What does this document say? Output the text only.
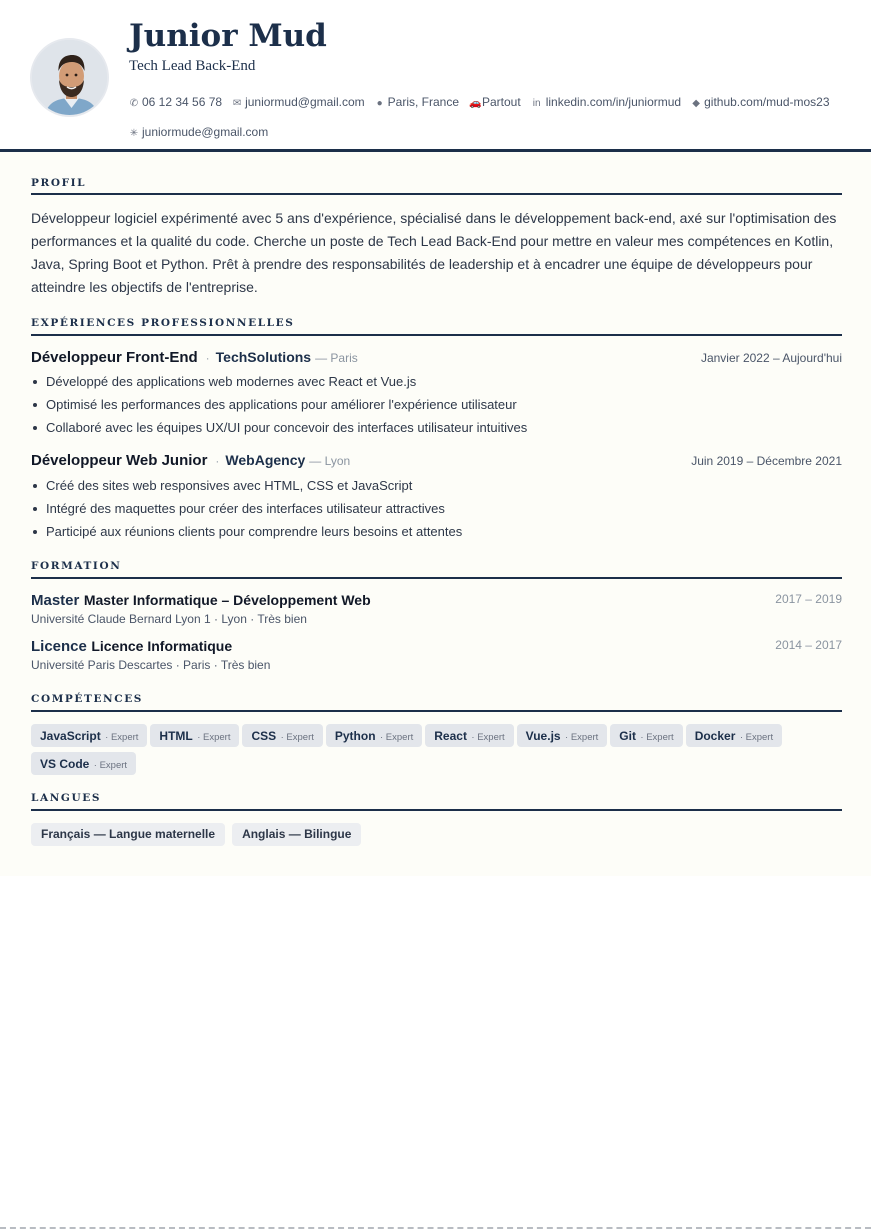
Junior Mud
Tech Lead Back-End
✆ 06 12 34 56 78 ✉ juniormud@gmail.com ● Paris, France 🚗Partout in linkedin.com/in/juniormud ◆ github.com/mud-mos23
✳ juniormude@gmail.com
PROFIL
Développeur logiciel expérimenté avec 5 ans d'expérience, spécialisé dans le développement back-end, axé sur l'optimisation des performances et la qualité du code. Cherche un poste de Tech Lead Back-End pour mettre en valeur mes compétences en Kotlin, Java, Spring Boot et Python. Prêt à prendre des responsabilités de leadership et à encadrer une équipe de développeurs pour atteindre les objectifs de l'entreprise.
EXPÉRIENCES PROFESSIONNELLES
Développeur Front-End · TechSolutions — Paris	Janvier 2022 – Aujourd'hui
Développé des applications web modernes avec React et Vue.js
Optimisé les performances des applications pour améliorer l'expérience utilisateur
Collaboré avec les équipes UX/UI pour concevoir des interfaces utilisateur intuitives
Développeur Web Junior · WebAgency — Lyon	Juin 2019 – Décembre 2021
Créé des sites web responsives avec HTML, CSS et JavaScript
Intégré des maquettes pour créer des interfaces utilisateur attractives
Participé aux réunions clients pour comprendre leurs besoins et attentes
FORMATION
Master Master Informatique – Développement Web
Université Claude Bernard Lyon 1 · Lyon · Très bien
2017 – 2019
Licence Licence Informatique
Université Paris Descartes · Paris · Très bien
2014 – 2017
COMPÉTENCES
JavaScript · Expert HTML · Expert CSS · Expert Python · Expert React · Expert Vue.js · Expert Git · Expert Docker · ExpertVS Code · Expert
LANGUES
Français — Langue maternelle Anglais — Bilingue
